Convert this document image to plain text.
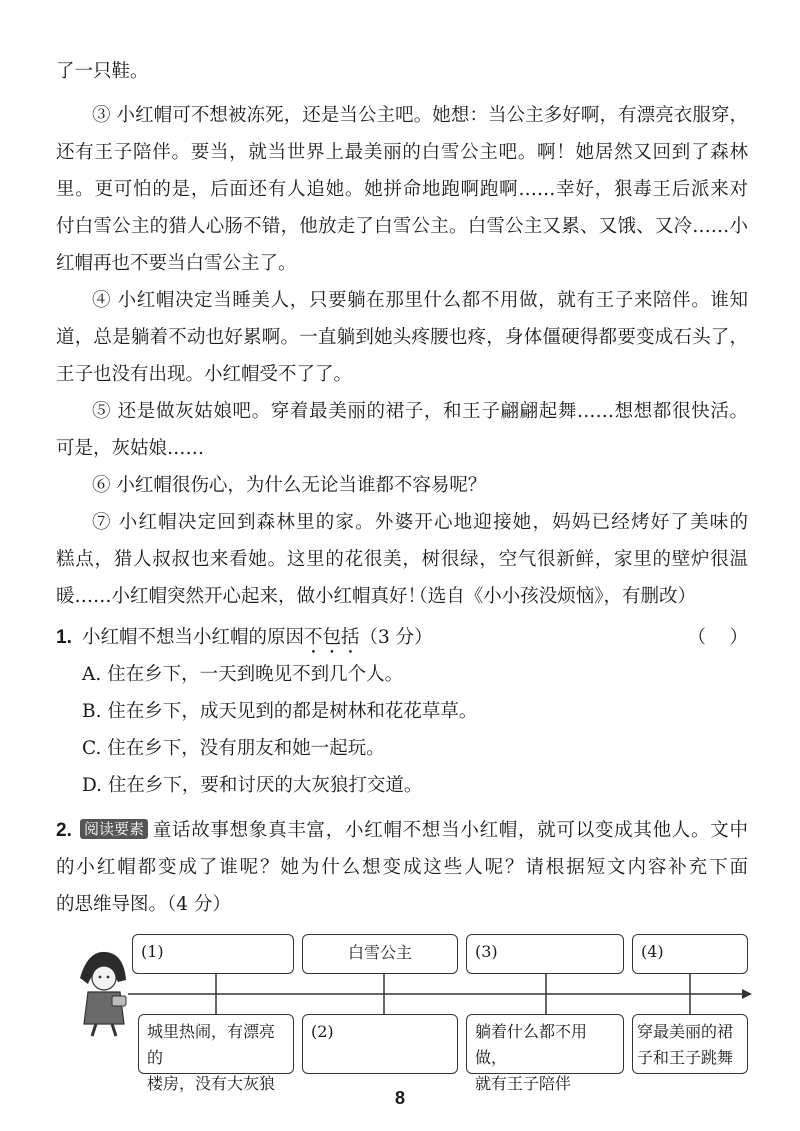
了一只鞋。
③ 小红帽可不想被冻死，还是当公主吧。她想：当公主多好啊，有漂亮衣服穿，
还有王子陪伴。要当，就当世界上最美丽的白雪公主吧。啊！她居然又回到了森林
里。更可怕的是，后面还有人追她。她拼命地跑啊跑啊……幸好，狠毒王后派来对
付白雪公主的猎人心肠不错，他放走了白雪公主。白雪公主又累、又饿、又冷……小
红帽再也不要当白雪公主了。
④ 小红帽决定当睡美人，只要躺在那里什么都不用做，就有王子来陪伴。谁知
道，总是躺着不动也好累啊。一直躺到她头疼腰也疼，身体僵硬得都要变成石头了，
王子也没有出现。小红帽受不了了。
⑤ 还是做灰姑娘吧。穿着最美丽的裙子，和王子翩翩起舞……想想都很快活。
可是，灰姑娘……
⑥ 小红帽很伤心，为什么无论当谁都不容易呢？
⑦ 小红帽决定回到森林里的家。外婆开心地迎接她，妈妈已经烤好了美味的
糕点，猎人叔叔也来看她。这里的花很美，树很绿，空气很新鲜，家里的壁炉很温
暖……小红帽突然开心起来，做小红帽真好！
（选自《小小孩没烦恼》，有删改）
1. 小红帽不想当小红帽的原因不包括（3 分）	（    ）
A. 住在乡下，一天到晚见不到几个人。
B. 住在乡下，成天见到的都是树林和花花草草。
C. 住在乡下，没有朋友和她一起玩。
D. 住在乡下，要和讨厌的大灰狼打交道。
2. 阅读要素 童话故事想象真丰富，小红帽不想当小红帽，就可以变成其他人。文中
的小红帽都变成了谁呢？她为什么想变成这些人呢？请根据短文内容补充下面
的思维导图。（4 分）
(1)	白雪公主	(3)	(4)
城里热闹，有漂亮的
楼房，没有大灰狼
(2)	躺着什么都不用做，
就有王子陪伴
穿最美丽的裙
子和王子跳舞
8
